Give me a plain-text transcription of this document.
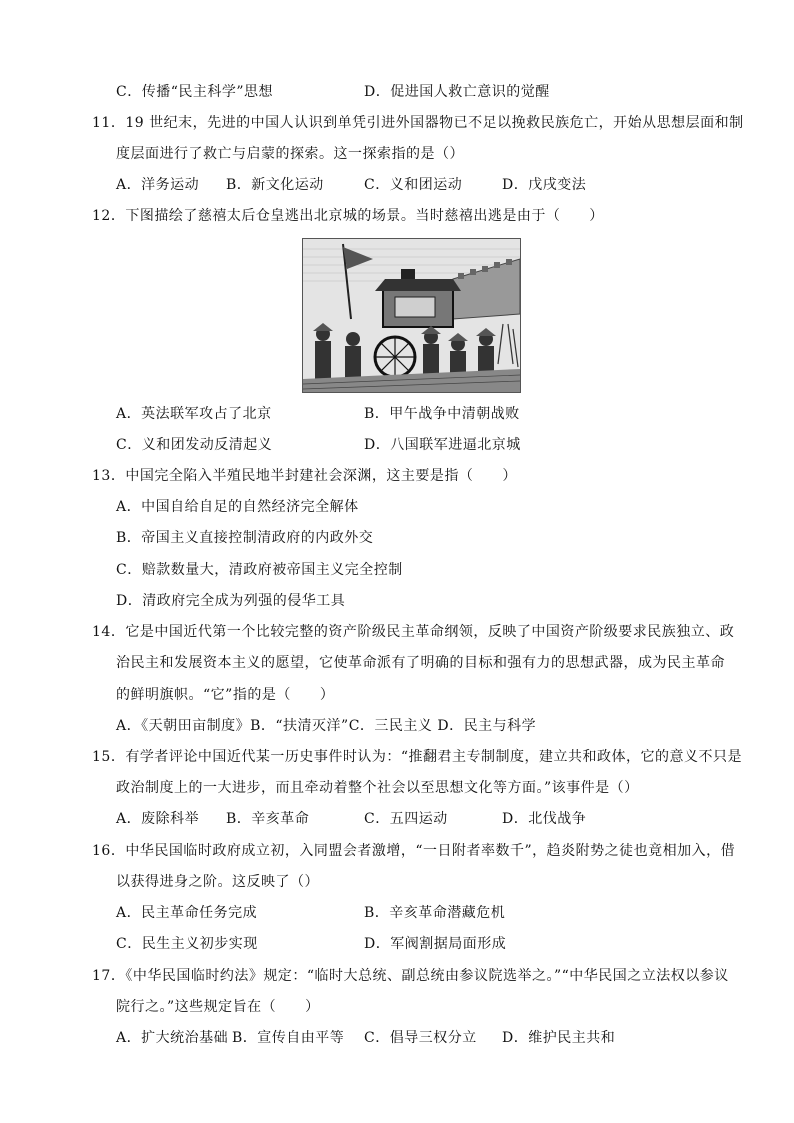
C．传播“民主科学”思想	D．促进国人救亡意识的觉醒
11．19 世纪末，先进的中国人认识到单凭引进外国器物已不足以挽救民族危亡，开始从思想层面和制
度层面进行了救亡与启蒙的探索。这一探索指的是（）
A．洋务运动 B．新文化运动	C．义和团运动	D．戊戌变法
12．下图描绘了慈禧太后仓皇逃出北京城的场景。当时慈禧出逃是由于（　　）
A．英法联军攻占了北京	B．甲午战争中清朝战败
C．义和团发动反清起义	D．八国联军进逼北京城
13．中国完全陷入半殖民地半封建社会深渊，这主要是指（　　）
A．中国自给自足的自然经济完全解体
B．帝国主义直接控制清政府的内政外交
C．赔款数量大，清政府被帝国主义完全控制
D．清政府完全成为列强的侵华工具
14．它是中国近代第一个比较完整的资产阶级民主革命纲领，反映了中国资产阶级要求民族独立、政
治民主和发展资本主义的愿望，它使革命派有了明确的目标和强有力的思想武器，成为民主革命
的鲜明旗帜。“它”指的是（　　）
A．《天朝田亩制度》B．“扶清灭洋”C．三民主义 D．民主与科学
15．有学者评论中国近代某一历史事件时认为：“推翻君主专制制度，建立共和政体，它的意义不只是
政治制度上的一大进步，而且牵动着整个社会以至思想文化等方面。”该事件是（）
A．废除科举 B．辛亥革命	C．五四运动	D．北伐战争
16．中华民国临时政府成立初，入同盟会者激增，“一日附者率数千”，趋炎附势之徒也竟相加入，借
以获得进身之阶。这反映了（）
A．民主革命任务完成	B．辛亥革命潜藏危机
C．民生主义初步实现	D．军阀割据局面形成
17．《中华民国临时约法》规定：“临时大总统、副总统由参议院选举之。”“中华民国之立法权以参议
院行之。”这些规定旨在（　　）
A．扩大统治基础 B．宣传自由平等 C．倡导三权分立 D．维护民主共和
